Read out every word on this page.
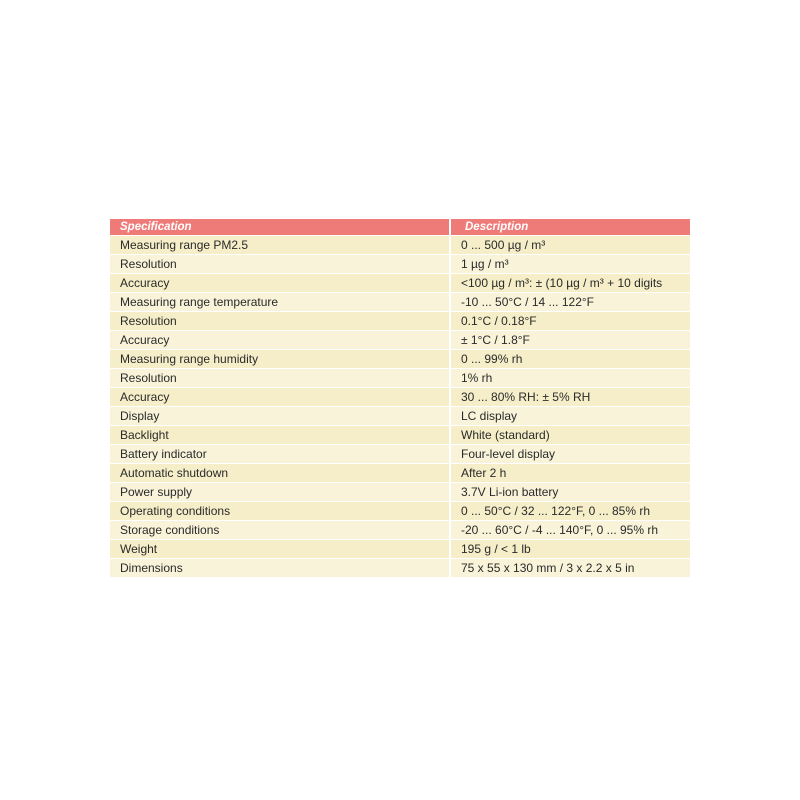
Specification	Description
Measuring range PM2.5	0 ... 500 µg / m³
Resolution	1 µg / m³
Accuracy	<100 µg / m³: ± (10 µg / m³ + 10 digits
Measuring range temperature	-10 ... 50°C / 14 ... 122°F
Resolution	0.1°C / 0.18°F
Accuracy	± 1°C / 1.8°F
Measuring range humidity	0 ... 99% rh
Resolution	1% rh
Accuracy	30 ... 80% RH: ± 5% RH
Display	LC display
Backlight	White (standard)
Battery indicator	Four-level display
Automatic shutdown	After 2 h
Power supply	3.7V Li-ion battery
Operating conditions	0 ... 50°C / 32 ... 122°F, 0 ... 85% rh
Storage conditions	-20 ... 60°C / -4 ... 140°F, 0 ... 95% rh
Weight	195 g / < 1 lb
Dimensions	75 x 55 x 130 mm / 3 x 2.2 x 5 in
